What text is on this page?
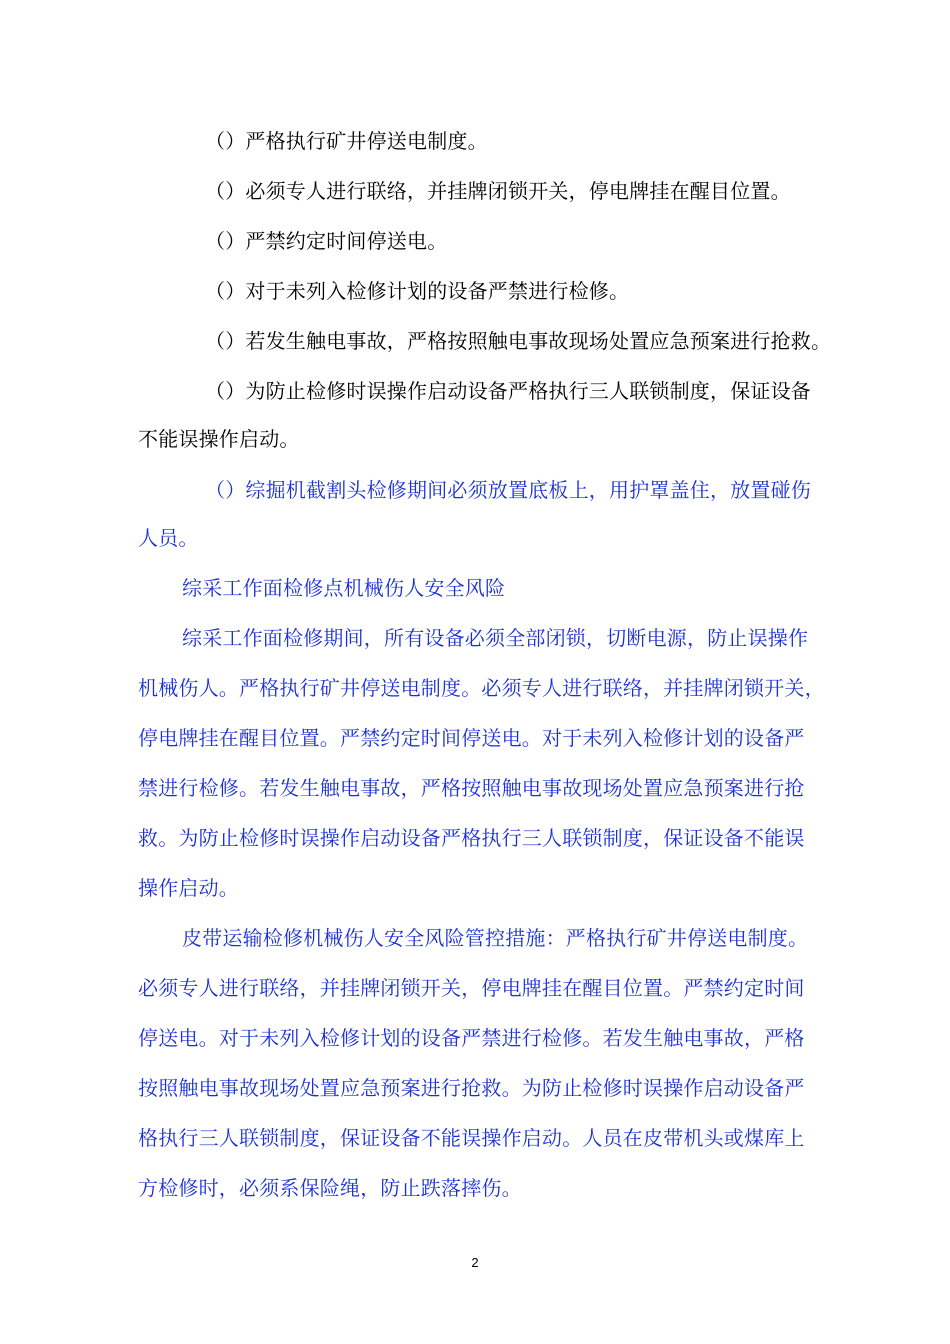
（）严格执行矿井停送电制度。
（）必须专人进行联络，并挂牌闭锁开关，停电牌挂在醒目位置。
（）严禁约定时间停送电。
（）对于未列入检修计划的设备严禁进行检修。
（）若发生触电事故，严格按照触电事故现场处置应急预案进行抢救。
（）为防止检修时误操作启动设备严格执行三人联锁制度，保证设备
不能误操作启动。
（）综掘机截割头检修期间必须放置底板上，用护罩盖住，放置碰伤
人员。
综采工作面检修点机械伤人安全风险
综采工作面检修期间，所有设备必须全部闭锁，切断电源，防止误操作
机械伤人。严格执行矿井停送电制度。必须专人进行联络，并挂牌闭锁开关，
停电牌挂在醒目位置。严禁约定时间停送电。对于未列入检修计划的设备严
禁进行检修。若发生触电事故，严格按照触电事故现场处置应急预案进行抢
救。为防止检修时误操作启动设备严格执行三人联锁制度，保证设备不能误
操作启动。
皮带运输检修机械伤人安全风险管控措施：严格执行矿井停送电制度。
必须专人进行联络，并挂牌闭锁开关，停电牌挂在醒目位置。严禁约定时间
停送电。对于未列入检修计划的设备严禁进行检修。若发生触电事故，严格
按照触电事故现场处置应急预案进行抢救。为防止检修时误操作启动设备严
格执行三人联锁制度，保证设备不能误操作启动。人员在皮带机头或煤库上
方检修时，必须系保险绳，防止跌落摔伤。
2
